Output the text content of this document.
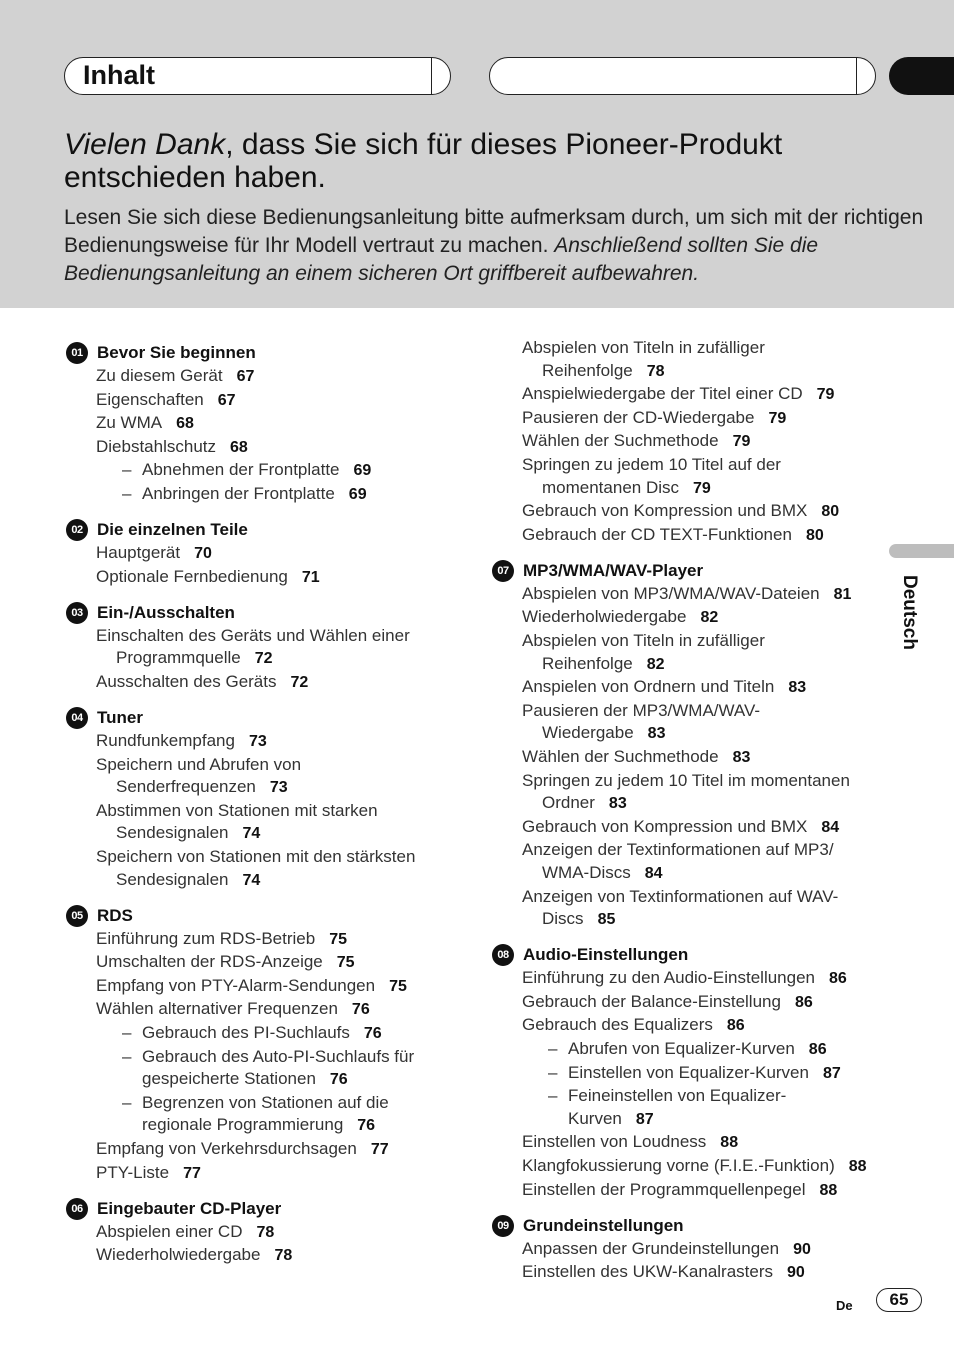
Inhalt
Vielen Dank, dass Sie sich für dieses Pioneer-Produkt entschieden haben.
Lesen Sie sich diese Bedienungsanleitung bitte aufmerksam durch, um sich mit der richtigen Bedienungsweise für Ihr Modell vertraut zu machen. Anschließend sollten Sie die Bedienungsanleitung an einem sicheren Ort griffbereit aufbewahren.
01 Bevor Sie beginnen
Zu diesem Gerät 67
Eigenschaften 67
Zu WMA 68
Diebstahlschutz 68
– Abnehmen der Frontplatte 69
– Anbringen der Frontplatte 69
02 Die einzelnen Teile
Hauptgerät 70
Optionale Fernbedienung 71
03 Ein-/Ausschalten
Einschalten des Geräts und Wählen einer
Programmquelle 72
Ausschalten des Geräts 72
04 Tuner
Rundfunkempfang 73
Speichern und Abrufen von
Senderfrequenzen 73
Abstimmen von Stationen mit starken
Sendesignalen 74
Speichern von Stationen mit den stärksten
Sendesignalen 74
05 RDS
Einführung zum RDS-Betrieb 75
Umschalten der RDS-Anzeige 75
Empfang von PTY-Alarm-Sendungen 75
Wählen alternativer Frequenzen 76
– Gebrauch des PI-Suchlaufs 76
– Gebrauch des Auto-PI-Suchlaufs für
gespeicherte Stationen 76
– Begrenzen von Stationen auf die
regionale Programmierung 76
Empfang von Verkehrsdurchsagen 77
PTY-Liste 77
06 Eingebauter CD-Player
Abspielen einer CD 78
Wiederholwiedergabe 78
Abspielen von Titeln in zufälliger
Reihenfolge 78
Anspielwiedergabe der Titel einer CD 79
Pausieren der CD-Wiedergabe 79
Wählen der Suchmethode 79
Springen zu jedem 10 Titel auf der
momentanen Disc 79
Gebrauch von Kompression und BMX 80
Gebrauch der CD TEXT-Funktionen 80
07 MP3/WMA/WAV-Player
Abspielen von MP3/WMA/WAV-Dateien 81
Wiederholwiedergabe 82
Abspielen von Titeln in zufälliger
Reihenfolge 82
Anspielen von Ordnern und Titeln 83
Pausieren der MP3/WMA/WAV-
Wiedergabe 83
Wählen der Suchmethode 83
Springen zu jedem 10 Titel im momentanen
Ordner 83
Gebrauch von Kompression und BMX 84
Anzeigen der Textinformationen auf MP3/
WMA-Discs 84
Anzeigen von Textinformationen auf WAV-
Discs 85
08 Audio-Einstellungen
Einführung zu den Audio-Einstellungen 86
Gebrauch der Balance-Einstellung 86
Gebrauch des Equalizers 86
– Abrufen von Equalizer-Kurven 86
– Einstellen von Equalizer-Kurven 87
– Feineinstellen von Equalizer-
Kurven 87
Einstellen von Loudness 88
Klangfokussierung vorne (F.I.E.-Funktion) 88
Einstellen der Programmquellenpegel 88
09 Grundeinstellungen
Anpassen der Grundeinstellungen 90
Einstellen des UKW-Kanalrasters 90
Deutsch
De	65
